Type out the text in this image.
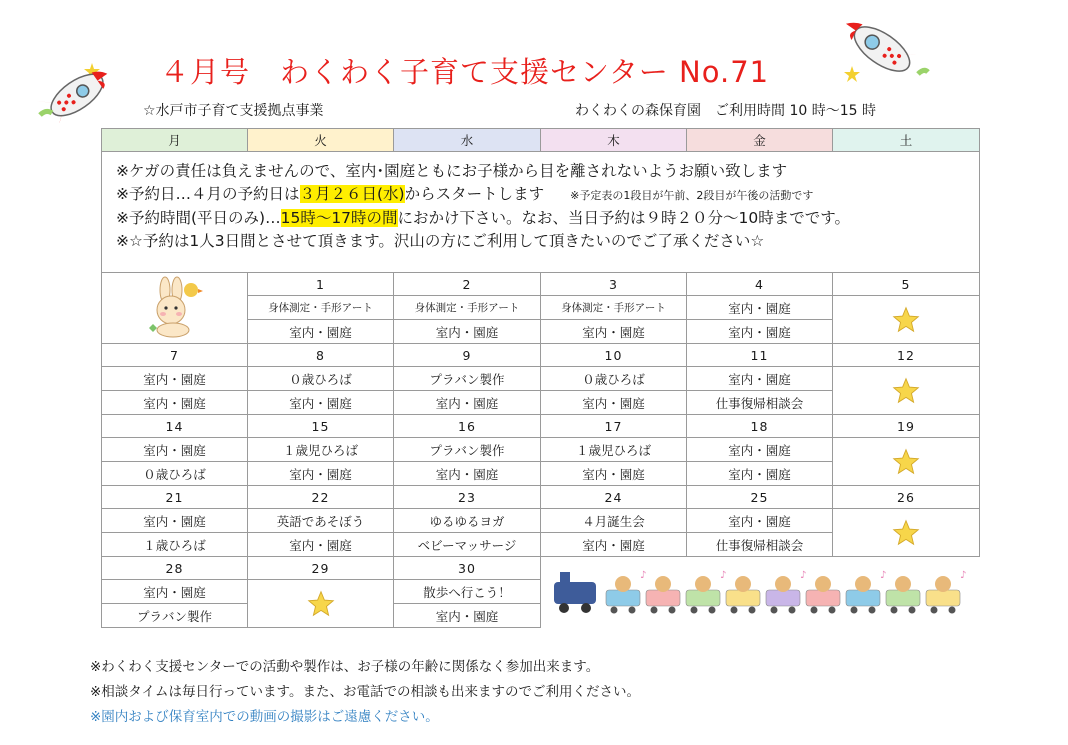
４月号　わくわく子育て支援センター No.71
☆水戸市子育て支援拠点事業	わくわくの森保育園　ご利用時間 10 時～15 時
月	火	水	木	金	土

※ケガの責任は負えませんので、室内･園庭ともにお子様から目を離されないようお願い致します
※予約日…４月の予約日は３月２６日(水)からスタートします ※予定表の1段目が午前、2段目が午後の活動です
※予約時間(平日のみ)…15時～17時の間におかけ下さい。なお、当日予約は９時２０分～10時までです。
※☆予約は1人3日間とさせて頂きます。沢山の方にご利用して頂きたいのでご了承ください☆					

	1	2	3	4	5
	身体測定・手形アート	身体測定・手形アート	身体測定・手形アート	室内・園庭	
	室内・園庭	室内・園庭	室内・園庭	室内・園庭	
7	8	9	10	11	12
室内・園庭	０歳ひろば	プラバン製作	０歳ひろば	室内・園庭	
室内・園庭	室内・園庭	室内・園庭	室内・園庭	仕事復帰相談会	
14	15	16	17	18	19
室内・園庭	１歳児ひろば	プラバン製作	１歳児ひろば	室内・園庭	
０歳ひろば	室内・園庭	室内・園庭	室内・園庭	室内・園庭	
21	22	23	24	25	26
室内・園庭	英語であそぼう	ゆるゆるヨガ	４月誕生会	室内・園庭	
１歳ひろば	室内・園庭	ベビーマッサージ	室内・園庭	仕事復帰相談会	
28	29	30	♪ ♪ ♪ ♪ ♪		

室内・園庭		散歩へ行こう！			
プラバン製作		室内・園庭			
※わくわく支援センターでの活動や製作は、お子様の年齢に関係なく参加出来ます。
※相談タイムは毎日行っています。また、お電話での相談も出来ますのでご利用ください。
※園内および保育室内での動画の撮影はご遠慮ください。
